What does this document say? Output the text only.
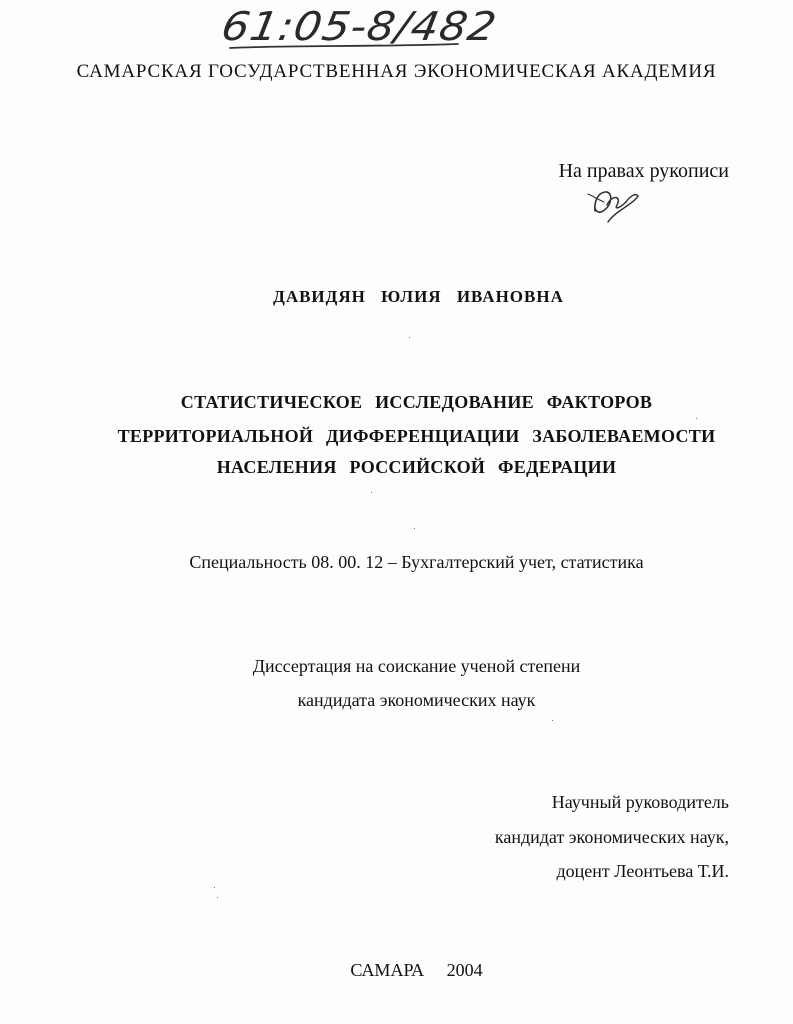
61:05-8/482
САМАРСКАЯ ГОСУДАРСТВЕННАЯ ЭКОНОМИЧЕСКАЯ АКАДЕМИЯ
На правах рукописи
ДАВИДЯН ЮЛИЯ ИВАНОВНА
СТАТИСТИЧЕСКОЕ ИССЛЕДОВАНИЕ ФАКТОРОВ
ТЕРРИТОРИАЛЬНОЙ ДИФФЕРЕНЦИАЦИИ ЗАБОЛЕВАЕМОСТИ
НАСЕЛЕНИЯ РОССИЙСКОЙ ФЕДЕРАЦИИ
Специальность 08. 00. 12 – Бухгалтерский учет, статистика
Диссертация на соискание ученой степени
кандидата экономических наук
Научный руководитель
кандидат экономических наук,
доцент Леонтьева Т.И.
САМАРА 2004
